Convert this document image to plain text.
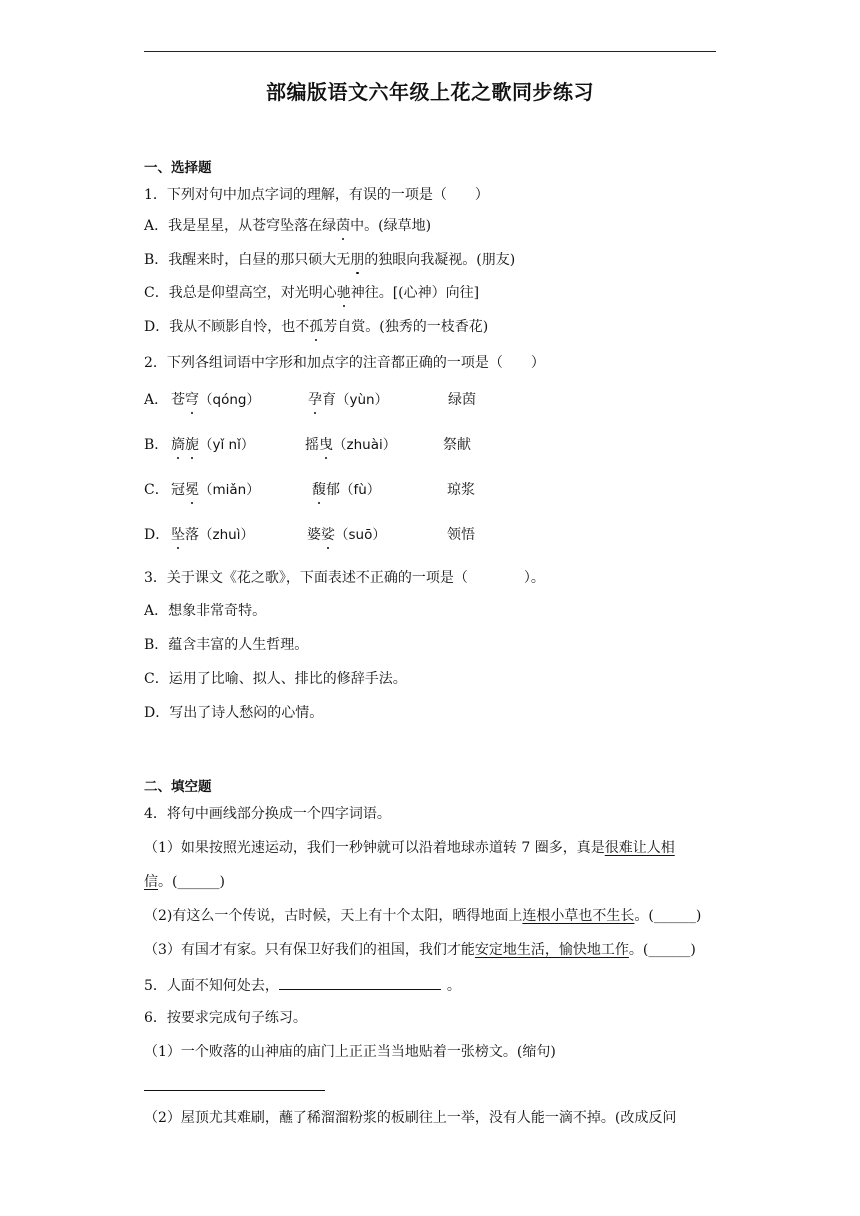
部编版语文六年级上花之歌同步练习
一、选择题
1．下列对句中加点字词的理解，有误的一项是（　　）
A．我是星星，从苍穹坠落在绿茵中。(绿草地)
B．我醒来时，白昼的那只硕大无朋的独眼向我凝视。(朋友)
C．我总是仰望高空，对光明心驰神往。[(心神）向往]
D．我从不顾影自怜，也不孤芳自赏。(独秀的一枝香花)
2．下列各组词语中字形和加点字的注音都正确的一项是（　　）
A． 苍穹（qóng）	孕育（yùn）	绿茵
B． 旖旎（yǐ nǐ）	摇曳（zhuài）	祭献
C． 冠冕（miǎn）	馥郁（fù）	琼浆
D． 坠落（zhuì）	婆娑（suō）	领悟
3．关于课文《花之歌》，下面表述不正确的一项是（　　　　）。
A．想象非常奇特。
B．蕴含丰富的人生哲理。
C．运用了比喻、拟人、排比的修辞手法。
D．写出了诗人愁闷的心情。
二、填空题
4．将句中画线部分换成一个四字词语。
（1）如果按照光速运动，我们一秒钟就可以沿着地球赤道转 7 圈多，真是很难让人相
信。(______)
（2)有这么一个传说，古时候，天上有十个太阳，晒得地面上连根小草也不生长。(______)
（3）有国才有家。只有保卫好我们的祖国，我们才能安定地生活，愉快地工作。(______)
5．人面不知何处去，	。
6．按要求完成句子练习。
（1）一个败落的山神庙的庙门上正正当当地贴着一张榜文。(缩句)
（2）屋顶尤其难刷，蘸了稀溜溜粉浆的板刷往上一举，没有人能一滴不掉。(改成反问
